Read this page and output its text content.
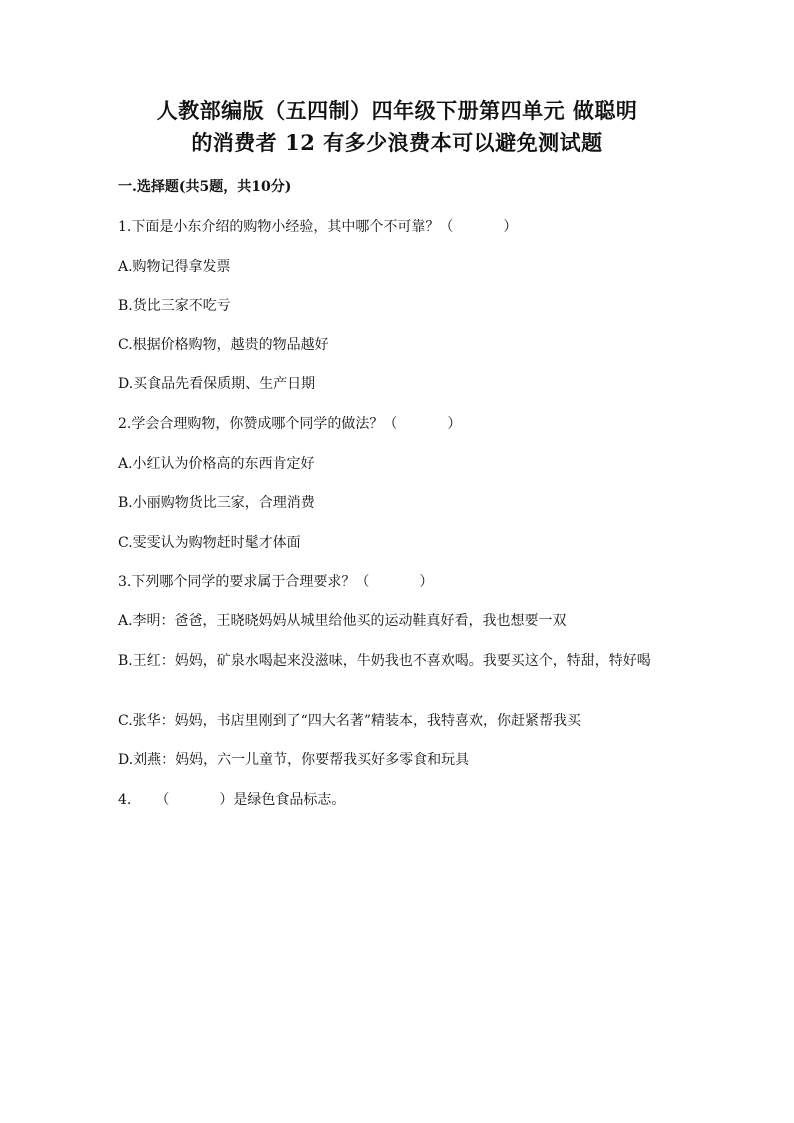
人教部编版（五四制）四年级下册第四单元 做聪明
的消费者 12 有多少浪费本可以避免测试题
一.选择题(共5题，共10分)
1.下面是小东介绍的购物小经验，其中哪个不可靠？（	）
A.购物记得拿发票
B.货比三家不吃亏
C.根据价格购物，越贵的物品越好
D.买食品先看保质期、生产日期
2.学会合理购物，你赞成哪个同学的做法？（	）
A.小红认为价格高的东西肯定好
B.小丽购物货比三家，合理消费
C.雯雯认为购物赶时髦才体面
3.下列哪个同学的要求属于合理要求？（	）
A.李明：爸爸，王晓晓妈妈从城里给他买的运动鞋真好看，我也想要一双
B.王红：妈妈，矿泉水喝起来没滋味，牛奶我也不喜欢喝。我要买这个，特甜，特好喝
C.张华：妈妈，书店里刚到了“四大名著”精装本，我特喜欢，你赶紧帮我买
D.刘燕：妈妈，六一儿童节，你要帮我买好多零食和玩具
4. （	）是绿色食品标志。
